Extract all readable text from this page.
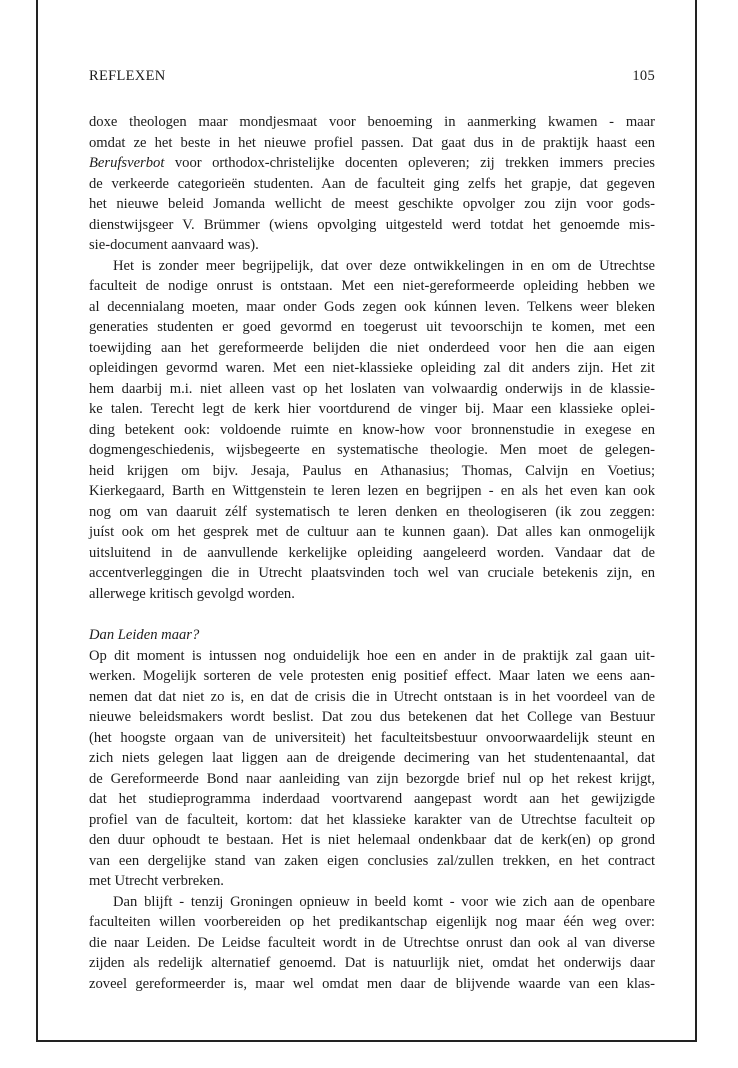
REFLEXEN	105

doxe theologen maar mondjesmaat voor benoeming in aanmerking kwamen - maar
omdat ze het beste in het nieuwe profiel passen. Dat gaat dus in de praktijk haast een
Berufsverbot voor orthodox-christelijke docenten opleveren; zij trekken immers precies
de verkeerde categorieën studenten. Aan de faculteit ging zelfs het grapje, dat gegeven
het nieuwe beleid Jomanda wellicht de meest geschikte opvolger zou zijn voor gods-
dienstwijsgeer V. Brümmer (wiens opvolging uitgesteld werd totdat het genoemde mis-
sie-document aanvaard was).

Het is zonder meer begrijpelijk, dat over deze ontwikkelingen in en om de Utrechtse
faculteit de nodige onrust is ontstaan. Met een niet-gereformeerde opleiding hebben we
al decennialang moeten, maar onder Gods zegen ook kúnnen leven. Telkens weer bleken
generaties studenten er goed gevormd en toegerust uit tevoorschijn te komen, met een
toewijding aan het gereformeerde belijden die niet onderdeed voor hen die aan eigen
opleidingen gevormd waren. Met een niet-klassieke opleiding zal dit anders zijn. Het zit
hem daarbij m.i. niet alleen vast op het loslaten van volwaardig onderwijs in de klassie-
ke talen. Terecht legt de kerk hier voortdurend de vinger bij. Maar een klassieke oplei-
ding betekent ook: voldoende ruimte en know-how voor bronnenstudie in exegese en
dogmengeschiedenis, wijsbegeerte en systematische theologie. Men moet de gelegen-
heid krijgen om bijv. Jesaja, Paulus en Athanasius; Thomas, Calvijn en Voetius;
Kierkegaard, Barth en Wittgenstein te leren lezen en begrijpen - en als het even kan ook
nog om van daaruit zélf systematisch te leren denken en theologiseren (ik zou zeggen:
juíst ook om het gesprek met de cultuur aan te kunnen gaan). Dat alles kan onmogelijk
uitsluitend in de aanvullende kerkelijke opleiding aangeleerd worden. Vandaar dat de
accentverleggingen die in Utrecht plaatsvinden toch wel van cruciale betekenis zijn, en
allerwege kritisch gevolgd worden.

Dan Leiden maar?

Op dit moment is intussen nog onduidelijk hoe een en ander in de praktijk zal gaan uit-
werken. Mogelijk sorteren de vele protesten enig positief effect. Maar laten we eens aan-
nemen dat dat niet zo is, en dat de crisis die in Utrecht ontstaan is in het voordeel van de
nieuwe beleidsmakers wordt beslist. Dat zou dus betekenen dat het College van Bestuur
(het hoogste orgaan van de universiteit) het faculteitsbestuur onvoorwaardelijk steunt en
zich niets gelegen laat liggen aan de dreigende decimering van het studentenaantal, dat
de Gereformeerde Bond naar aanleiding van zijn bezorgde brief nul op het rekest krijgt,
dat het studieprogramma inderdaad voortvarend aangepast wordt aan het gewijzigde
profiel van de faculteit, kortom: dat het klassieke karakter van de Utrechtse faculteit op
den duur ophoudt te bestaan. Het is niet helemaal ondenkbaar dat de kerk(en) op grond
van een dergelijke stand van zaken eigen conclusies zal/zullen trekken, en het contract
met Utrecht verbreken.

Dan blijft - tenzij Groningen opnieuw in beeld komt - voor wie zich aan de openbare
faculteiten willen voorbereiden op het predikantschap eigenlijk nog maar één weg over:
die naar Leiden. De Leidse faculteit wordt in de Utrechtse onrust dan ook al van diverse
zijden als redelijk alternatief genoemd. Dat is natuurlijk niet, omdat het onderwijs daar
zoveel gereformeerder is, maar wel omdat men daar de blijvende waarde van een klas-
